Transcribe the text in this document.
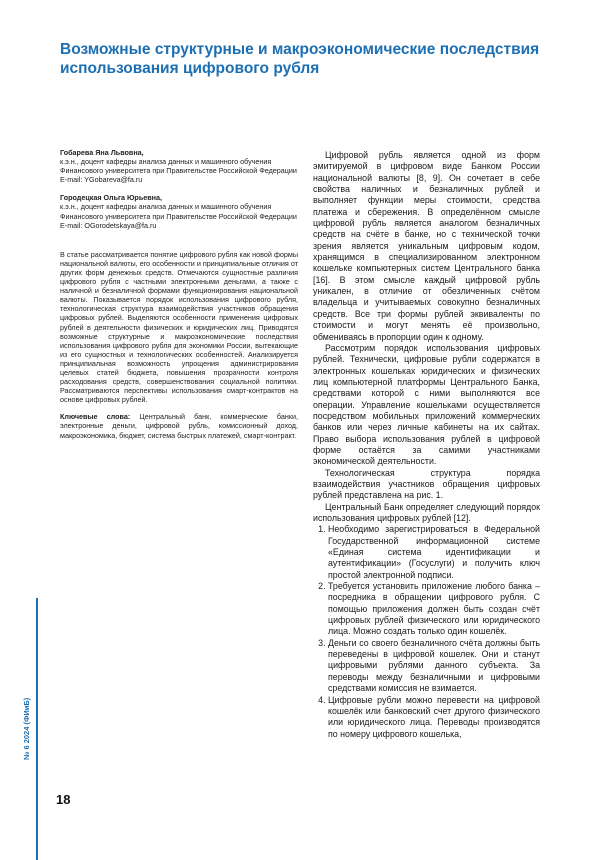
Возможные структурные и макроэкономические последствия использования цифрового рубля

Гобарева Яна Львовна,

к.э.н., доцент кафедры анализа данных и машинного обучения Финансового университета при Правительстве Российской Федерации

E-mail: YGobareva@fa.ru

Городецкая Ольга Юрьевна,

к.э.н., доцент кафедры анализа данных и машинного обучения Финансового университета при Правительстве Российской Федерации

E-mail: OGorodetskaya@fa.ru

В статье рассматривается понятие цифрового рубля как новой формы национальной валюты, его особенности и принципиальные отличия от других форм денежных средств. Отмечаются сущностные различия цифрового рубля с частными электронными деньгами, а также с наличной и безналичной формами функционирования национальной валюты. Показывается порядок использования цифрового рубля, технологическая структура взаимодействия участников обращения цифровых рублей. Выделяются особенности применения цифровых рублей в деятельности физических и юридических лиц. Приводятся возможные структурные и макроэкономические последствия использования цифрового рубля для экономики России, вытекающие из его сущностных и технологических особенностей. Анализируется принципиальная возможность упрощения администрирования целевых статей бюджета, повышения прозрачности контроля расходования средств, совершенствования социальной политики. Рассматриваются перспективы использования смарт-контрактов на основе цифровых рублей.

Ключевые слова: Центральный банк, коммерческие банки, электронные деньги, цифровой рубль, комиссионный доход, макроэкономика, бюджет, система быстрых платежей, смарт-контракт.

Цифровой рубль является одной из форм эмитируемой в цифровом виде Банком России национальной валюты [8, 9]. Он сочетает в себе свойства наличных и безналичных рублей и выполняет функции меры стоимости, средства платежа и сбережения. В определённом смысле цифровой рубль является аналогом безналичных средств на счёте в банке, но с технической точки зрения является уникальным цифровым кодом, хранящимся в специализированном электронном кошельке компьютерных систем Центрального банка [16]. В этом смысле каждый цифровой рубль уникален, в отличие от обезличенных счётом владельца и учитываемых совокупно безналичных средств. Все три формы рублей эквиваленты по стоимости и могут менять её произвольно, обмениваясь в пропорции один к одному.

Рассмотрим порядок использования цифровых рублей. Технически, цифровые рубли содержатся в электронных кошельках юридических и физических лиц компьютерной платформы Центрального Банка, средствами которой с ними выполняются все операции. Управление кошельками осуществляется посредством мобильных приложений коммерческих банков или через личные кабинеты на их сайтах. Право выбора использования рублей в цифровой форме остаётся за самими участниками экономической деятельности.

Технологическая структура порядка взаимодействия участников обращения цифровых рублей представлена на рис. 1.

Центральный Банк определяет следующий порядок использования цифровых рублей [12].

1. Необходимо зарегистрироваться в Федеральной Государственной информационной системе «Единая система идентификации и аутентификации» (Госуслуги) и получить ключ простой электронной подписи.
2. Требуется установить приложение любого банка – посредника в обращении цифрового рубля. С помощью приложения должен быть создан счёт цифровых рублей физического или юридического лица. Можно создать только один кошелёк.
3. Деньги со своего безналичного счёта должны быть переведены в цифровой кошелек. Они и станут цифровыми рублями данного субъекта. За переводы между безналичными и цифровыми средствами комиссия не взимается.
4. Цифровые рубли можно перевести на цифровой кошелёк или банковский счет другого физического или юридического лица. Переводы производятся по номеру цифрового кошелька,
№ 6 2024 (ФИиБ)
18
